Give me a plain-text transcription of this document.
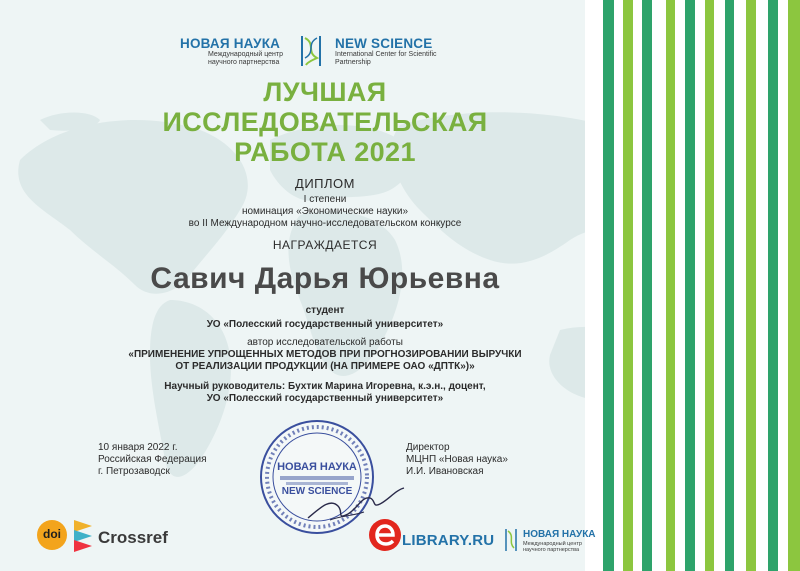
НОВАЯ НАУКА
Международный центр научного партнерства
NEW SCIENCE
International Center for Scientific Partnership
ЛУЧШАЯ
ИССЛЕДОВАТЕЛЬСКАЯ
РАБОТА 2021
ДИПЛОМ
I степени
номинация «Экономические науки»
во II Международном научно-исследовательском конкурсе
НАГРАЖДАЕТСЯ
Савич Дарья Юрьевна
студент
УО «Полесский государственный университет»
автор исследовательской работы
«ПРИМЕНЕНИЕ УПРОЩЕННЫХ МЕТОДОВ ПРИ ПРОГНОЗИРОВАНИИ ВЫРУЧКИ
ОТ РЕАЛИЗАЦИИ ПРОДУКЦИИ (НА ПРИМЕРЕ ОАО «ДПТК»)»
Научный руководитель: Бухтик Марина Игоревна, к.э.н., доцент,
УО «Полесский государственный университет»
10 января 2022 г.
Российская Федерация
г. Петрозаводск
Директор
МЦНП «Новая наука»
И.И. Ивановская
НОВАЯ НАУКА
NEW SCIENCE
doi	Crossref	LIBRARY.RU	НОВАЯ НАУКА
Международный центр научного партнерства
